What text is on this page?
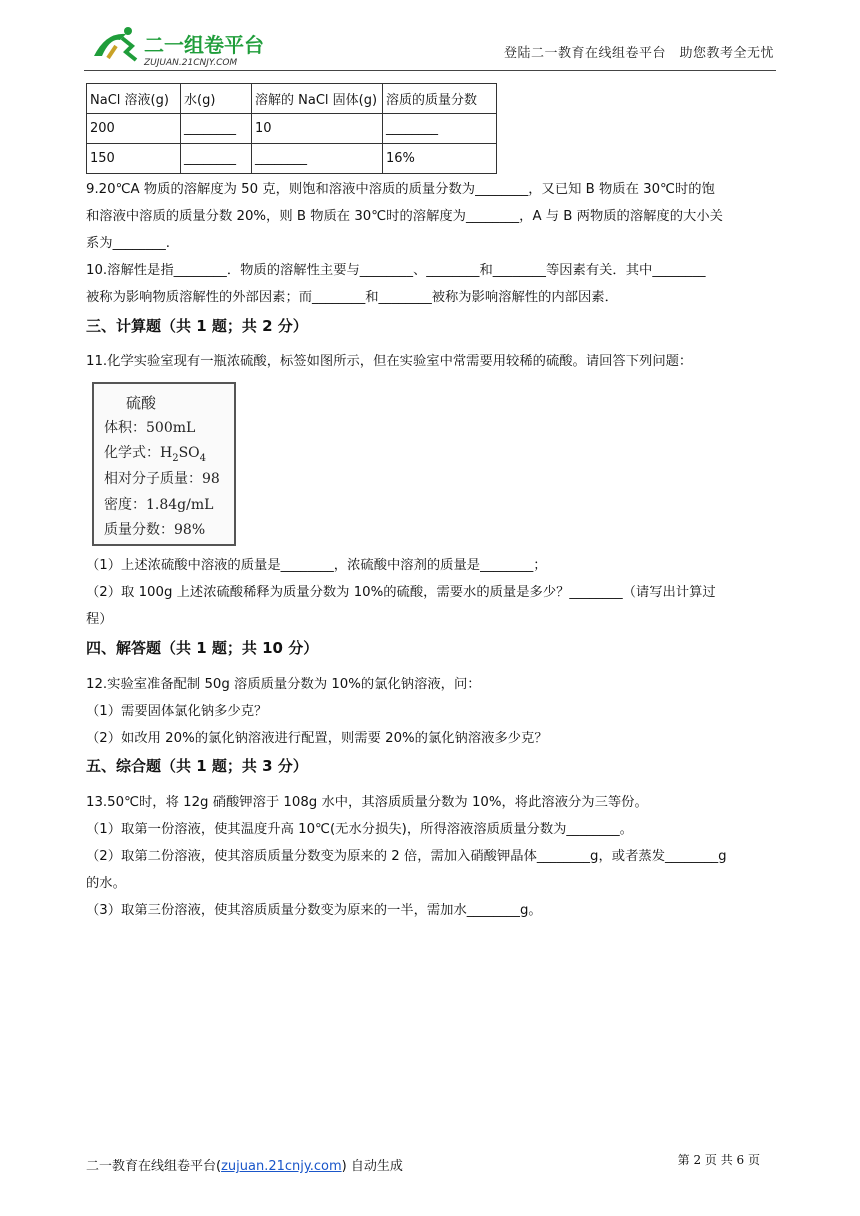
二一组卷平台
ZUJUAN.21CNJY.COM
登陆二一教育在线组卷平台　助您教考全无忧
NaCl 溶液(g)	水(g)	溶解的 NaCl 固体(g)	溶质的质量分数
200	________	10	________
150	________	________	16%
9.20℃A 物质的溶解度为 50 克，则饱和溶液中溶质的质量分数为________，又已知 B 物质在 30℃时的饱
和溶液中溶质的质量分数 20%，则 B 物质在 30℃时的溶解度为________，A 与 B 两物质的溶解度的大小关
系为________.
10.溶解性是指________．物质的溶解性主要与________、________和________等因素有关．其中________
被称为影响物质溶解性的外部因素；而________和________被称为影响溶解性的内部因素．
三、计算题（共 1 题；共 2 分）
11.化学实验室现有一瓶浓硫酸，标签如图所示，但在实验室中常需要用较稀的硫酸。请回答下列问题：
硫酸
体积：500mL
化学式：$H_2SO_4$
相对分子质量：98
密度：1.84g/mL
质量分数：98%
（1）上述浓硫酸中溶液的质量是________，浓硫酸中溶剂的质量是________；
（2）取 100g 上述浓硫酸稀释为质量分数为 10%的硫酸，需要水的质量是多少？________（请写出计算过
程）
四、解答题（共 1 题；共 10 分）
12.实验室准备配制 50g 溶质质量分数为 10%的氯化钠溶液，问：
（1）需要固体氯化钠多少克？
（2）如改用 20%的氯化钠溶液进行配置，则需要 20%的氯化钠溶液多少克？
五、综合题（共 1 题；共 3 分）
13.50℃时，将 12g 硝酸钾溶于 108g 水中，其溶质质量分数为 10%，将此溶液分为三等份。
（1）取第一份溶液，使其温度升高 10℃(无水分损失)，所得溶液溶质质量分数为________。
（2）取第二份溶液，使其溶质质量分数变为原来的 2 倍，需加入硝酸钾晶体________g，或者蒸发________g
的水。
（3）取第三份溶液，使其溶质质量分数变为原来的一半，需加水________g。
二一教育在线组卷平台(zujuan.21cnjy.com) 自动生成	第 2 页 共 6 页
